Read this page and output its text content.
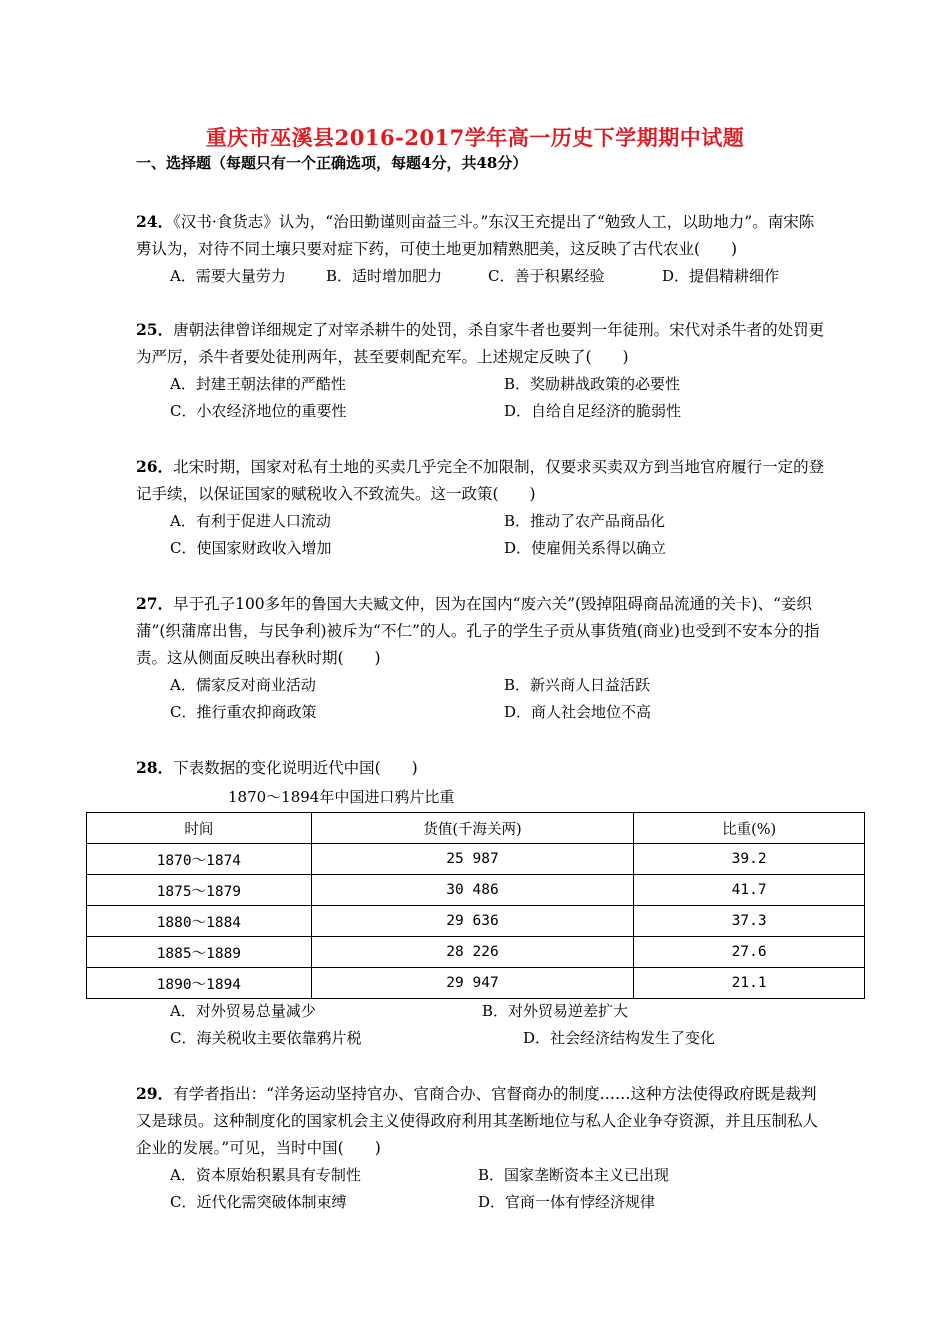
重庆市巫溪县2016-2017学年高一历史下学期期中试题
一、选择题（每题只有一个正确选项，每题4分，共48分）
24．《汉书·食货志》认为，“治田勤谨则亩益三斗。”东汉王充提出了“勉致人工，以助地力”。南宋陈旉认为，对待不同土壤只要对症下药，可使土地更加精熟肥美，这反映了古代农业(　　)
A．需要大量劳力	B．适时增加肥力	C．善于积累经验	D．提倡精耕细作
25．唐朝法律曾详细规定了对宰杀耕牛的处罚，杀自家牛者也要判一年徒刑。宋代对杀牛者的处罚更为严厉，杀牛者要处徒刑两年，甚至要刺配充军。上述规定反映了(　　)
A．封建王朝法律的严酷性	B．奖励耕战政策的必要性
C．小农经济地位的重要性	D．自给自足经济的脆弱性
26．北宋时期，国家对私有土地的买卖几乎完全不加限制，仅要求买卖双方到当地官府履行一定的登记手续，以保证国家的赋税收入不致流失。这一政策(　　)
A．有利于促进人口流动	B．推动了农产品商品化
C．使国家财政收入增加	D．使雇佣关系得以确立
27．早于孔子100多年的鲁国大夫臧文仲，因为在国内“废六关”(毁掉阻碍商品流通的关卡)、“妾织蒲”(织蒲席出售，与民争利)被斥为“不仁”的人。孔子的学生子贡从事货殖(商业)也受到不安本分的指责。这从侧面反映出春秋时期(　　)
A．儒家反对商业活动	B．新兴商人日益活跃
C．推行重农抑商政策	D．商人社会地位不高
28．下表数据的变化说明近代中国(　　)
1870～1894年中国进口鸦片比重
时间	货值(千海关两)	比重(%)
1870～1874	25 987	39.2
1875～1879	30 486	41.7
1880～1884	29 636	37.3
1885～1889	28 226	27.6
1890～1894	29 947	21.1
A．对外贸易总量减少	B．对外贸易逆差扩大
C．海关税收主要依靠鸦片税	D．社会经济结构发生了变化
29．有学者指出：“洋务运动坚持官办、官商合办、官督商办的制度……这种方法使得政府既是裁判又是球员。这种制度化的国家机会主义使得政府利用其垄断地位与私人企业争夺资源，并且压制私人企业的发展。”可见，当时中国(　　)
A．资本原始积累具有专制性	B．国家垄断资本主义已出现
C．近代化需突破体制束缚	D．官商一体有悖经济规律
